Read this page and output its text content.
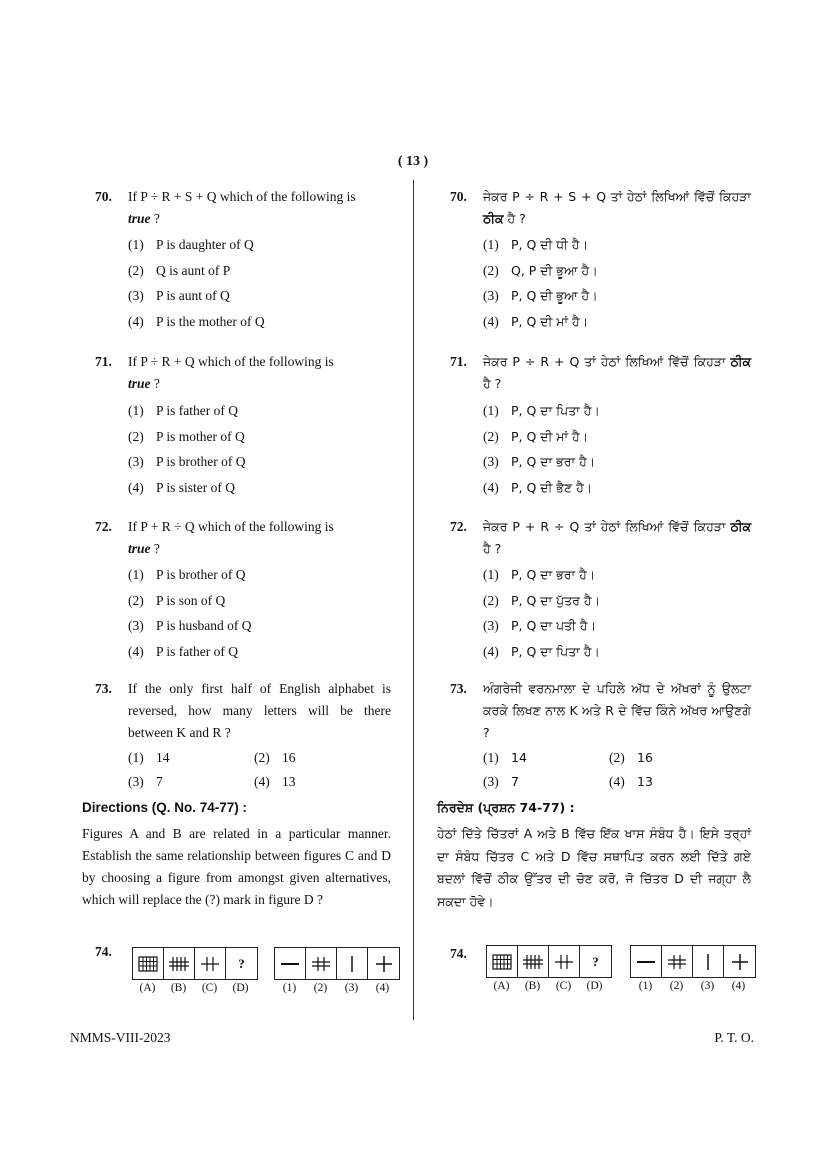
( 13 )
70. If P ÷ R + S + Q which of the following is
true ?
(1) P is daughter of Q
(2) Q is aunt of P
(3) P is aunt of Q
(4) P is the mother of Q
71. If P ÷ R + Q which of the following is
true ?
(1) P is father of Q
(2) P is mother of Q
(3) P is brother of Q
(4) P is sister of Q
72. If P + R ÷ Q which of the following is
true ?
(1) P is brother of Q
(2) P is son of Q
(3) P is husband of Q
(4) P is father of Q
73. If the only first half of English alphabet is reversed, how many letters will be there between K and R ?
(1) 14	(2) 16
(3) 7	(4) 13
Directions (Q. No. 74-77) :
Figures A and B are related in a particular manner. Establish the same relationship between figures C and D by choosing a figure from amongst given alternatives, which will replace the (?) mark in figure D ?
74.
?
(A)	(B)	(C)	(D)	(1)	(2)	(3)	(4)
70. ਜੇਕਰ P ÷ R + S + Q ਤਾਂ ਹੇਠਾਂ ਲਿਖਿਆਂ ਵਿੱਚੋਂ ਕਿਹੜਾ ਠੀਕ ਹੈ ?
(1) P, Q ਦੀ ਧੀ ਹੈ।
(2) Q, P ਦੀ ਭੂਆ ਹੈ।
(3) P, Q ਦੀ ਭੂਆ ਹੈ।
(4) P, Q ਦੀ ਮਾਂ ਹੈ।
71. ਜੇਕਰ P ÷ R + Q ਤਾਂ ਹੇਠਾਂ ਲਿਖਿਆਂ ਵਿੱਚੋਂ ਕਿਹੜਾ ਠੀਕ ਹੈ ?
(1) P, Q ਦਾ ਪਿਤਾ ਹੈ।
(2) P, Q ਦੀ ਮਾਂ ਹੈ।
(3) P, Q ਦਾ ਭਰਾ ਹੈ।
(4) P, Q ਦੀ ਭੈਣ ਹੈ।
72. ਜੇਕਰ P + R ÷ Q ਤਾਂ ਹੇਠਾਂ ਲਿਖਿਆਂ ਵਿੱਚੋਂ ਕਿਹੜਾ ਠੀਕ ਹੈ ?
(1) P, Q ਦਾ ਭਰਾ ਹੈ।
(2) P, Q ਦਾ ਪੁੱਤਰ ਹੈ।
(3) P, Q ਦਾ ਪਤੀ ਹੈ।
(4) P, Q ਦਾ ਪਿਤਾ ਹੈ।
73. ਅੰਗਰੇਜੀ ਵਰਨਮਾਲਾ ਦੇ ਪਹਿਲੇ ਅੱਧ ਦੇ ਅੱਖਰਾਂ ਨੂੰ ਉਲਟਾ ਕਰਕੇ ਲਿਖਣ ਨਾਲ K ਅਤੇ R ਦੇ ਵਿੱਚ ਕਿੰਨੇ ਅੱਖਰ ਆਉਣਗੇ ?
(1) 14	(2) 16
(3) 7	(4) 13
ਨਿਰਦੇਸ਼ (ਪ੍ਰਸ਼ਨ 74-77) :
ਹੇਠਾਂ ਦਿੱਤੇ ਚਿੱਤਰਾਂ A ਅਤੇ B ਵਿੱਚ ਇੱਕ ਖਾਸ ਸੰਬੰਧ ਹੈ। ਇਸੇ ਤਰ੍ਹਾਂ ਦਾ ਸੰਬੰਧ ਚਿੱਤਰ C ਅਤੇ D ਵਿੱਚ ਸਥਾਪਿਤ ਕਰਨ ਲਈ ਦਿੱਤੇ ਗਏ ਬਦਲਾਂ ਵਿੱਚੋਂ ਠੀਕ ਉੱਤਰ ਦੀ ਚੋਣ ਕਰੋ, ਜੋ ਚਿੱਤਰ D ਦੀ ਜਗ੍ਹਾ ਲੈ ਸਕਦਾ ਹੋਵੇ।
74.	?
(A)	(B)	(C)	(D)	(1)	(2)	(3)	(4)
NMMS-VIII-2023	P. T. O.
